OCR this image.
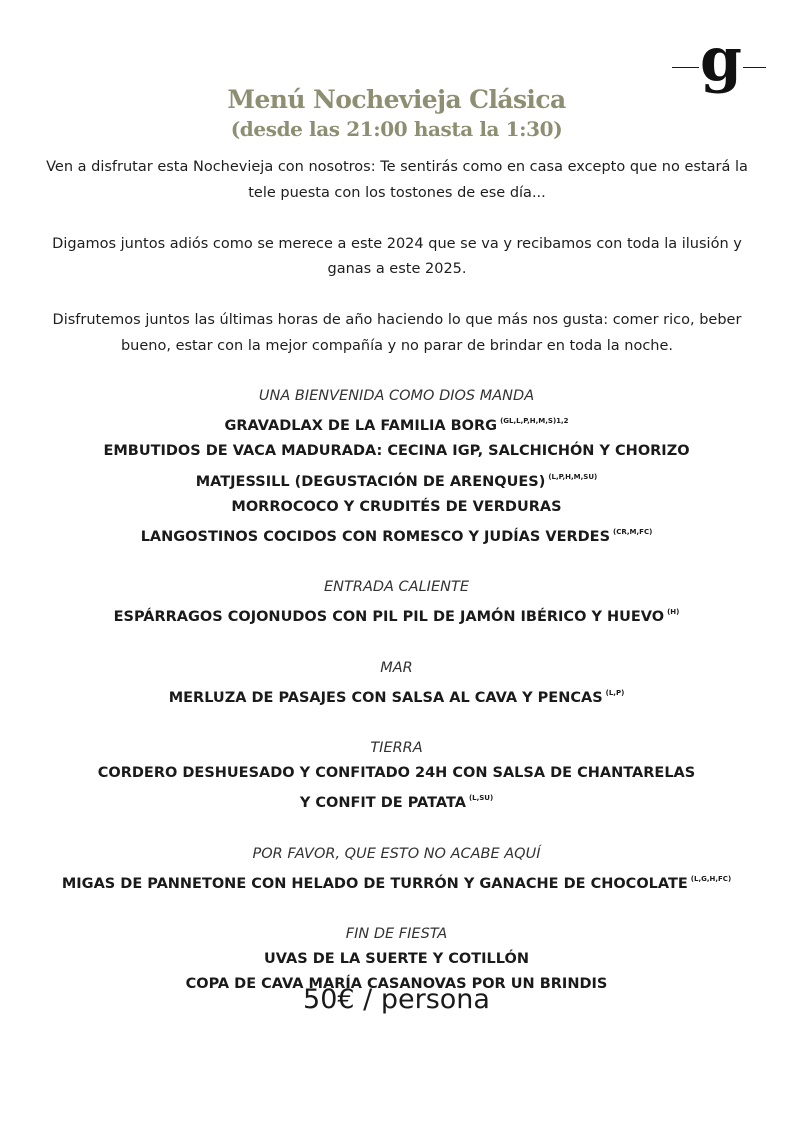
g
Menú Nochevieja Clásica
(desde las 21:00 hasta la 1:30)

Ven a disfrutar esta Nochevieja con nosotros: Te sentirás como en casa excepto que no estará la tele puesta con los tostones de ese día...

Digamos juntos adiós como se merece a este 2024 que se va y recibamos con toda la ilusión y ganas a este 2025.

Disfrutemos juntos las últimas horas de año haciendo lo que más nos gusta: comer rico, beber bueno, estar con la mejor compañía y no parar de brindar en toda la noche.

UNA BIENVENIDA COMO DIOS MANDA
GRAVADLAX DE LA FAMILIA BORG $^{(GL,L,P,H,M,S)1,2}$
EMBUTIDOS DE VACA MADURADA: CECINA IGP, SALCHICHÓN Y CHORIZO
MATJESSILL (DEGUSTACIÓN DE ARENQUES) $^{(L,P,H,M,SU)}$
MORROCOCO Y CRUDITÉS DE VERDURAS
LANGOSTINOS COCIDOS CON ROMESCO Y JUDÍAS VERDES $^{(CR,M,FC)}$
ENTRADA CALIENTE
ESPÁRRAGOS COJONUDOS CON PIL PIL DE JAMÓN IBÉRICO Y HUEVO $^{(H)}$
MAR
MERLUZA DE PASAJES CON SALSA AL CAVA Y PENCAS $^{(L,P)}$
TIERRA
CORDERO DESHUESADO Y CONFITADO 24H CON SALSA DE CHANTARELAS
Y CONFIT DE PATATA $^{(L,SU)}$
POR FAVOR, QUE ESTO NO ACABE AQUÍ
MIGAS DE PANNETONE CON HELADO DE TURRÓN Y GANACHE DE CHOCOLATE $^{(L,G,H,FC)}$
FIN DE FIESTA
UVAS DE LA SUERTE Y COTILLÓN
COPA DE CAVA MARÍA CASANOVAS POR UN BRINDIS
50€ / persona
